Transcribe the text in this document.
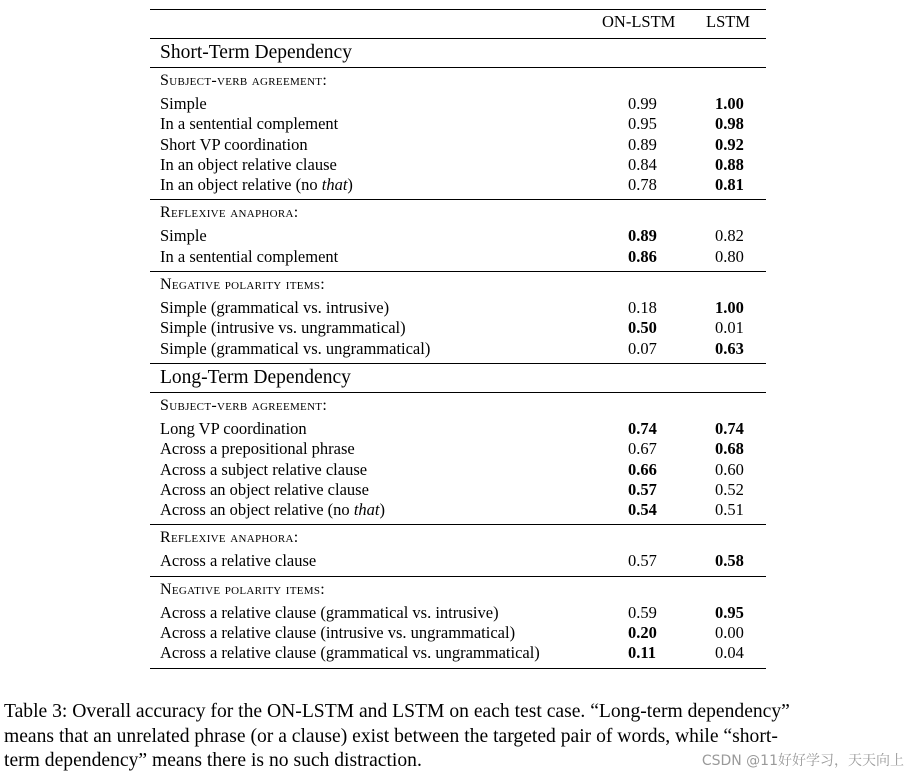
ON-LSTM LSTM
Short-Term Dependency
Subject-verb agreement:
Simple	0.99	1.00
In a sentential complement	0.95	0.98
Short VP coordination	0.89	0.92
In an object relative clause	0.84	0.88
In an object relative (no that)	0.78	0.81
Reflexive anaphora:
Simple	0.89	0.82
In a sentential complement	0.86	0.80
Negative polarity items:
Simple (grammatical vs. intrusive)	0.18	1.00
Simple (intrusive vs. ungrammatical)	0.50	0.01
Simple (grammatical vs. ungrammatical)	0.07	0.63
Long-Term Dependency
Subject-verb agreement:
Long VP coordination	0.74	0.74
Across a prepositional phrase	0.67	0.68
Across a subject relative clause	0.66	0.60
Across an object relative clause	0.57	0.52
Across an object relative (no that)	0.54	0.51
Reflexive anaphora:
Across a relative clause	0.57	0.58
Negative polarity items:
Across a relative clause (grammatical vs. intrusive)	0.59	0.95
Across a relative clause (intrusive vs. ungrammatical)	0.20	0.00
Across a relative clause (grammatical vs. ungrammatical)	0.11	0.04
Table 3: Overall accuracy for the ON-LSTM and LSTM on each test case. “Long-term dependency”
means that an unrelated phrase (or a clause) exist between the targeted pair of words, while “short-
term dependency” means there is no such distraction.	CSDN @11好好学习，天天向上
